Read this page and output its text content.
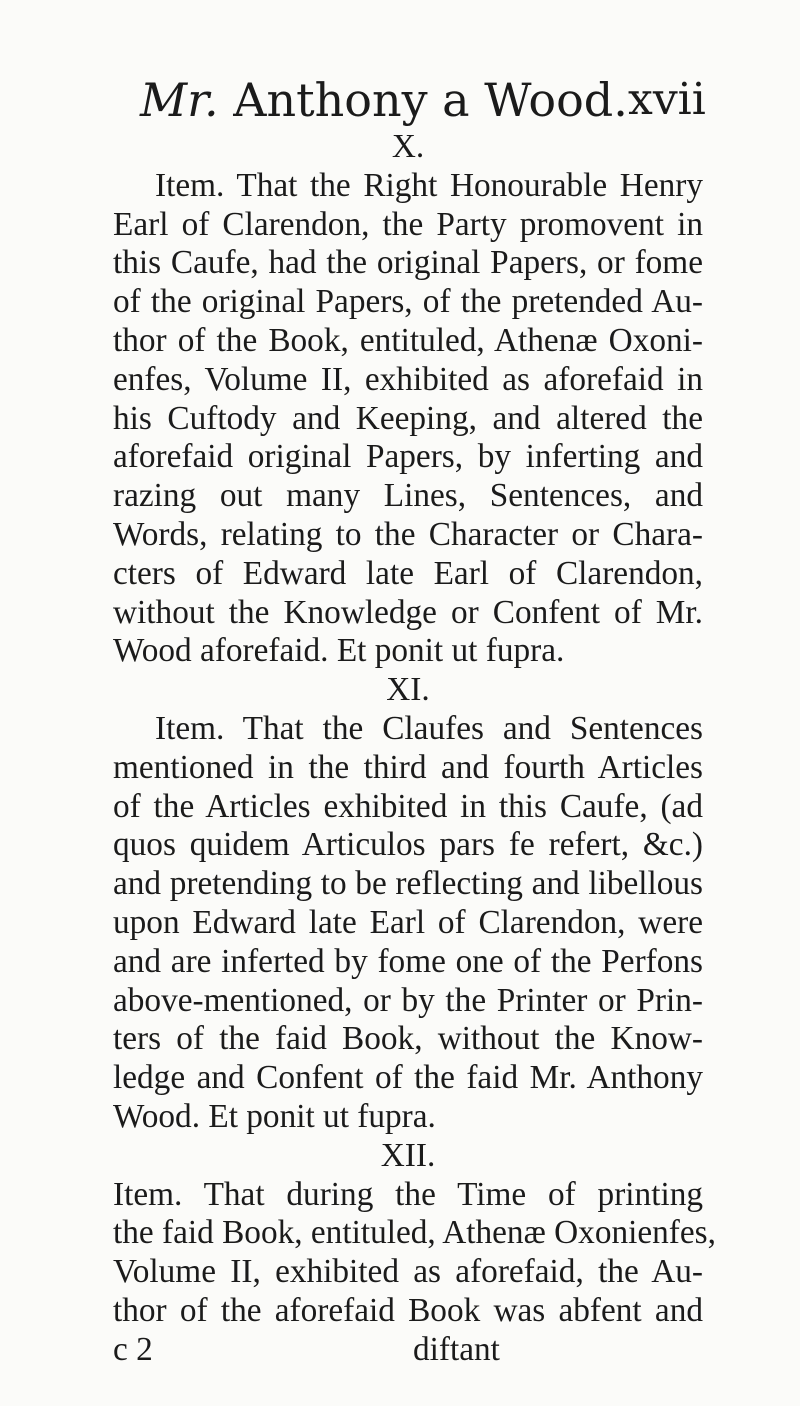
Mr. Anthony a Wood. xvii
X.
Item. That the Right Honourable Henry
Earl of Clarendon, the Party promovent in
this Caufe, had the original Papers, or fome
of the original Papers, of the pretended Au-
thor of the Book, entituled, Athenæ Oxoni-
enfes, Volume II, exhibited as aforefaid in
his Cuftody and Keeping, and altered the
aforefaid original Papers, by inferting and
razing out many Lines, Sentences, and
Words, relating to the Character or Chara-
cters of Edward late Earl of Clarendon,
without the Knowledge or Confent of Mr.
Wood aforefaid. Et ponit ut fupra.
XI.
Item. That the Claufes and Sentences
mentioned in the third and fourth Articles
of the Articles exhibited in this Caufe, (ad
quos quidem Articulos pars fe refert, &c.)
and pretending to be reflecting and libellous
upon Edward late Earl of Clarendon, were
and are inferted by fome one of the Perfons
above-mentioned, or by the Printer or Prin-
ters of the faid Book, without the Know-
ledge and Confent of the faid Mr. Anthony
Wood. Et ponit ut fupra.
XII.
Item. That during the Time of printing
the faid Book, entituled, Athenæ Oxonienfes,
Volume II, exhibited as aforefaid, the Au-
thor of the aforefaid Book was abfent and
c 2	diftant
